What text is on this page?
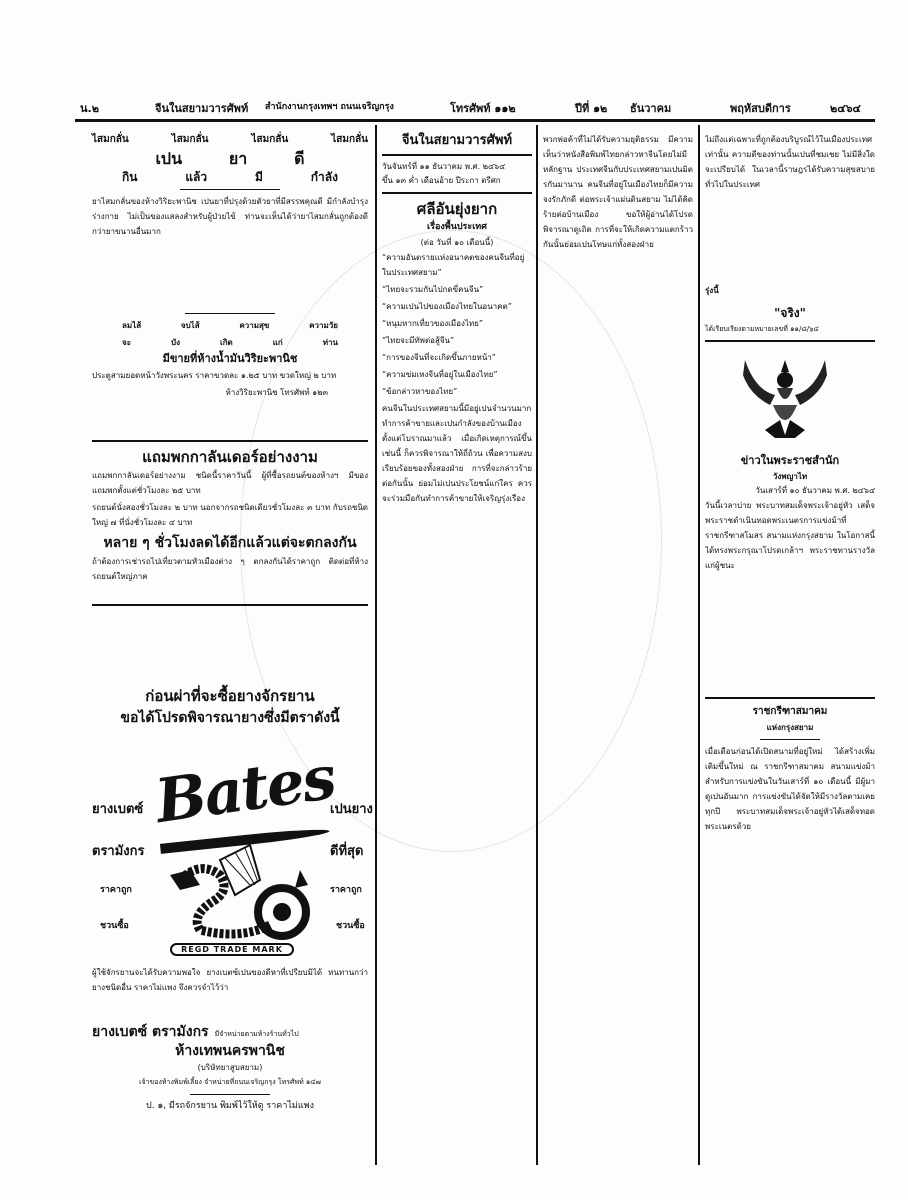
น.๒	จีนในสยามวารศัพท์ สำนักงานกรุงเทพฯ ถนนเจริญกรุง	โทรศัพท์ ๑๑๒	ปีที่ ๑๒ ธันวาคม	พฤหัสบดีการ	๒๔๖๔
ไสมกลั่น	ไสมกลั่น	ไสมกลั่น	ไสมกลั่น
เปน	ยา	ดี
กิน	แล้ว	มี	กำลัง

ยาไสมกลั่นของห้างวิริยะพานิช เปนยาที่ปรุงด้วยตัวยาที่มีสรรพคุณดี มีกำลังบำรุงร่างกาย ไม่เป็นของแสลงสำหรับผู้ป่วยไข้ ท่านจะเห็นได้ว่ายาไสมกลั่นถูกต้องดีกว่ายาขนานอื่นมาก

ลมไส้	จบไส้	ความสุข	ความวัย
จะ	บัง	เกิด	แก่	ท่าน
มีขายที่ห้างน้ำมันวิริยะพานิช

ประตูสามยอดหน้าวังพระนคร ราคาขวดละ ๑.๒๕ บาท ขวดใหญ่ ๒ บาท

ห้างวิริยะพานิช โทรศัพท์ ๑๒๓

แถมพกกาลันเดอร์อย่างงาม

แถมพกกาลันเดอร์อย่างงาม ชนิดนี้ราคาวันนี้ ผู้ที่ซื้อรถยนต์ของห้างฯ มีของแถมพกตั้งแต่ชั่วโมงละ ๒๕ บาท

รถยนต์นั่งสองชั่วโมงละ ๒ บาท นอกจากรถชนิดเดียวชั่วโมงละ ๓ บาท กับรถชนิดใหญ่ ๗ ที่นั่งชั่วโมงละ ๔ บาท

หลาย ๆ ชั่วโมงลดได้อีกแล้วแต่จะตกลงกัน

ถ้าต้องการเช่ารถไปเที่ยวตามหัวเมืองต่าง ๆ ตกลงกันได้ราคาถูก ติดต่อที่ห้าง รถยนต์ใหญ่ภาค

ก่อนผ่าที่จะซื้อยางจักรยาน
ขอได้โปรดพิจารณายางซึ่งมีตราดังนี้
Bates
ยางเบตซ์
ตรามังกร
ราคาถูก
ชวนซื้อ
เปนยาง
ดีที่สุด
ราคาถูก
ชวนซื้อ
REGD TRADE MARK

ผู้ใช้จักรยานจะได้รับความพอใจ ยางเบตซ์เปนของดีหาที่เปรียบมิได้ ทนทานกว่ายางชนิดอื่น ราคาไม่แพง จึงควรจำไว้ว่า

ยางเบตซ์ ตรามังกร มีจำหน่ายตามห้างร้านทั่วไป
ห้างเทพนครพานิช
(บริษัทยาสูบสยาม)
เจ้าของห้างพิมพ์เลี้ยง จำหน่ายที่ถนนเจริญกรุง โทรศัพท์ ๑๔๗
ป. ๑, มีรถจักรยาน พิมพ์ไว้ให้ดู ราคาไม่แพง
จีนในสยามวารศัพท์
วันจันทร์ที่ ๑๑ ธันวาคม พ.ศ. ๒๔๖๔
ขึ้น ๑๓ ค่ำ เดือนอ้าย ปีระกา ตรีศก
ศลีอันยุ่งยาก
เรื่องพื้นประเทศ
(ต่อ วันที่ ๑๐ เดือนนี้)

“ความอันตรายแห่งอนาคตของคนจีนที่อยู่ในประเทศสยาม”

“ไทยจะรวมกันไปกดขี่คนจีน”

“ความเปนไปของเมืองไทยในอนาคต”

“หนุมหากเที่ยวของเมืองไทย”

“ไทยจะมีทัพต่อสู้จีน”

“การของจีนที่จะเกิดขึ้นภายหน้า”

“ความข่มเหงจีนที่อยู่ในเมืองไทย”

“ข้อกล่าวหาของไทย”

คนจีนในประเทศสยามนี้มีอยู่เปนจำนวนมาก ทำการค้าขายและเปนกำลังของบ้านเมือง ตั้งแต่โบราณมาแล้ว เมื่อเกิดเหตุการณ์ขึ้นเช่นนี้ ก็ควรพิจารณาให้ถี่ถ้วน เพื่อความสงบเรียบร้อยของทั้งสองฝ่าย การที่จะกล่าวร้ายต่อกันนั้น ย่อมไม่เปนประโยชน์แก่ใคร ควรจะร่วมมือกันทำการค้าขายให้เจริญรุ่งเรือง

พวกพ่อค้าที่ไม่ได้รับความยุติธรรม มีความเห็นว่าหนังสือพิมพ์ไทยกล่าวหาจีนโดยไม่มีหลักฐาน ประเทศจีนกับประเทศสยามเปนมิตรกันมานาน คนจีนที่อยู่ในเมืองไทยก็มีความจงรักภักดี ต่อพระเจ้าแผ่นดินสยาม ไม่ได้คิดร้ายต่อบ้านเมือง ขอให้ผู้อ่านได้โปรดพิจารณาดูเถิด การที่จะให้เกิดความแตกร้าวกันนั้นย่อมเปนโทษแก่ทั้งสองฝ่าย

ไม่ถึงแต่เฉพาะที่ถูกต้องบริบูรณ์ไว้ในเมืองประเทศเท่านั้น ความดีของท่านนั้นเปนที่ชมเชย ไม่มีสิ่งใดจะเปรียบได้ ในเวลานี้ราษฎรได้รับความสุขสบายทั่วไปในประเทศ

รุ่งนี้
"จริง"
ได้เรียบเรียงตามหมายเลขที่ ๑๑/๘/๖๔
ข่าวในพระราชสำนัก
วังพญาไท
วันเสาร์ที่ ๑๐ ธันวาคม พ.ศ. ๒๔๖๔

วันนี้เวลาบ่าย พระบาทสมเด็จพระเจ้าอยู่หัว เสด็จพระราชดำเนินทอดพระเนตรการแข่งม้าที่ราชกรีฑาสโมสร สนามแห่งกรุงสยาม ในโอกาสนี้ได้ทรงพระกรุณาโปรดเกล้าฯ พระราชทานรางวัลแก่ผู้ชนะ

ราชกรีฑาสมาคม
แห่งกรุงสยาม

เมื่อเดือนก่อนได้เปิดสนามที่อยู่ใหม่ ได้สร้างเพิ่มเติมขึ้นใหม่ ณ ราชกรีฑาสมาคม สนามแข่งม้าสำหรับการแข่งขันในวันเสาร์ที่ ๑๐ เดือนนี้ มีผู้มาดูเปนอันมาก การแข่งขันได้จัดให้มีรางวัลตามเคยทุกปี พระบาทสมเด็จพระเจ้าอยู่หัวได้เสด็จทอดพระเนตรด้วย
